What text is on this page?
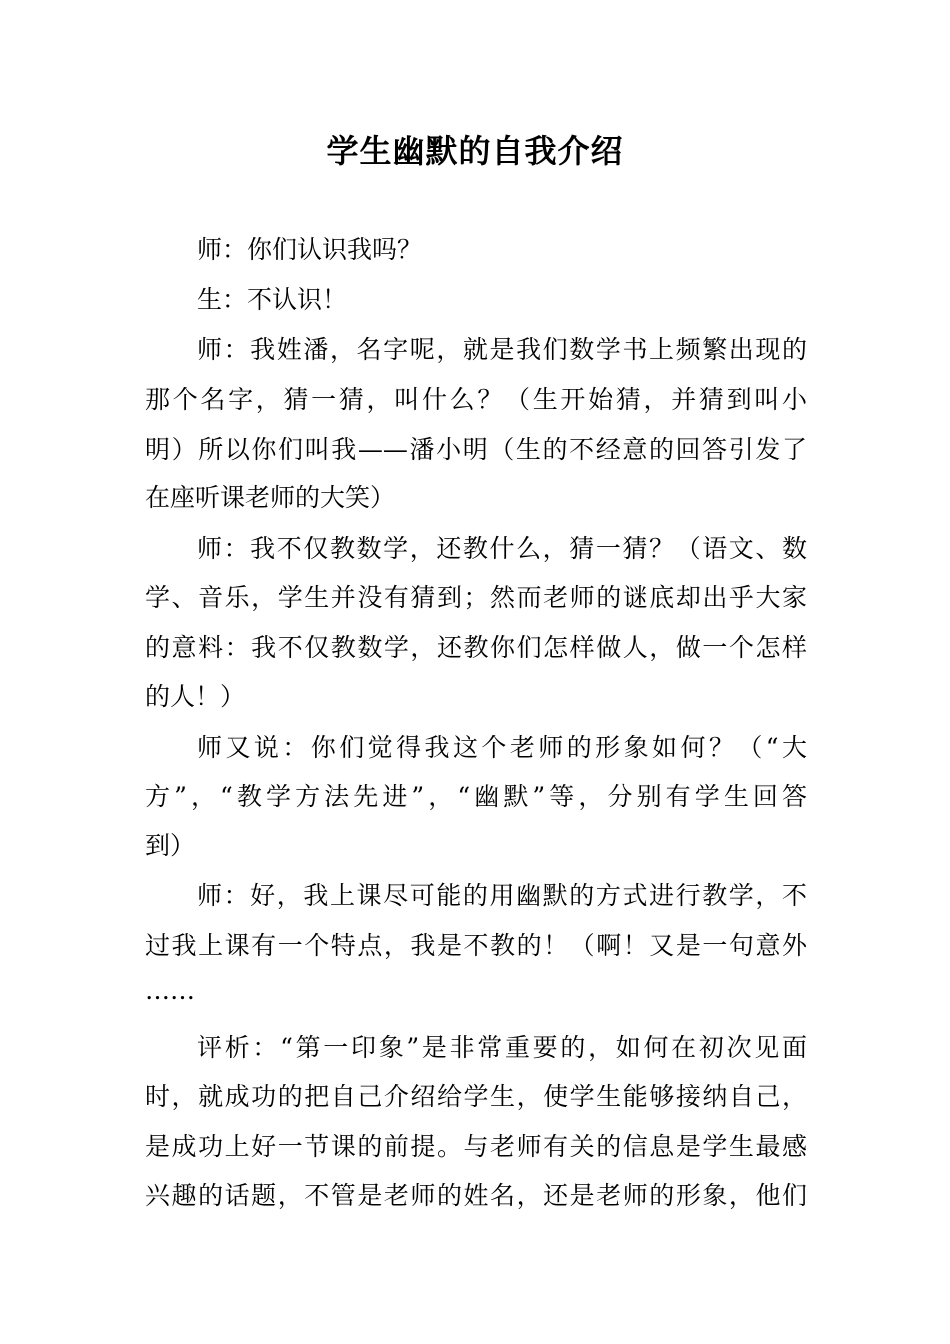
学生幽默的自我介绍
师：你们认识我吗？
生：不认识！
师：我姓潘，名字呢，就是我们数学书上频繁出现的
那个名字，猜一猜，叫什么？（生开始猜，并猜到叫小
明）所以你们叫我——潘小明（生的不经意的回答引发了
在座听课老师的大笑）
师：我不仅教数学，还教什么，猜一猜？（语文、数
学、音乐，学生并没有猜到；然而老师的谜底却出乎大家
的意料：我不仅教数学，还教你们怎样做人，做一个怎样
的人！）
师又说：你们觉得我这个老师的形象如何？（“大
方”，“教学方法先进”，“幽默”等，分别有学生回答
到）
师：好，我上课尽可能的用幽默的方式进行教学，不
过我上课有一个特点，我是不教的！（啊！又是一句意外
……
评析：“第一印象”是非常重要的，如何在初次见面
时，就成功的把自己介绍给学生，使学生能够接纳自己，
是成功上好一节课的前提。与老师有关的信息是学生最感
兴趣的话题，不管是老师的姓名，还是老师的形象，他们
